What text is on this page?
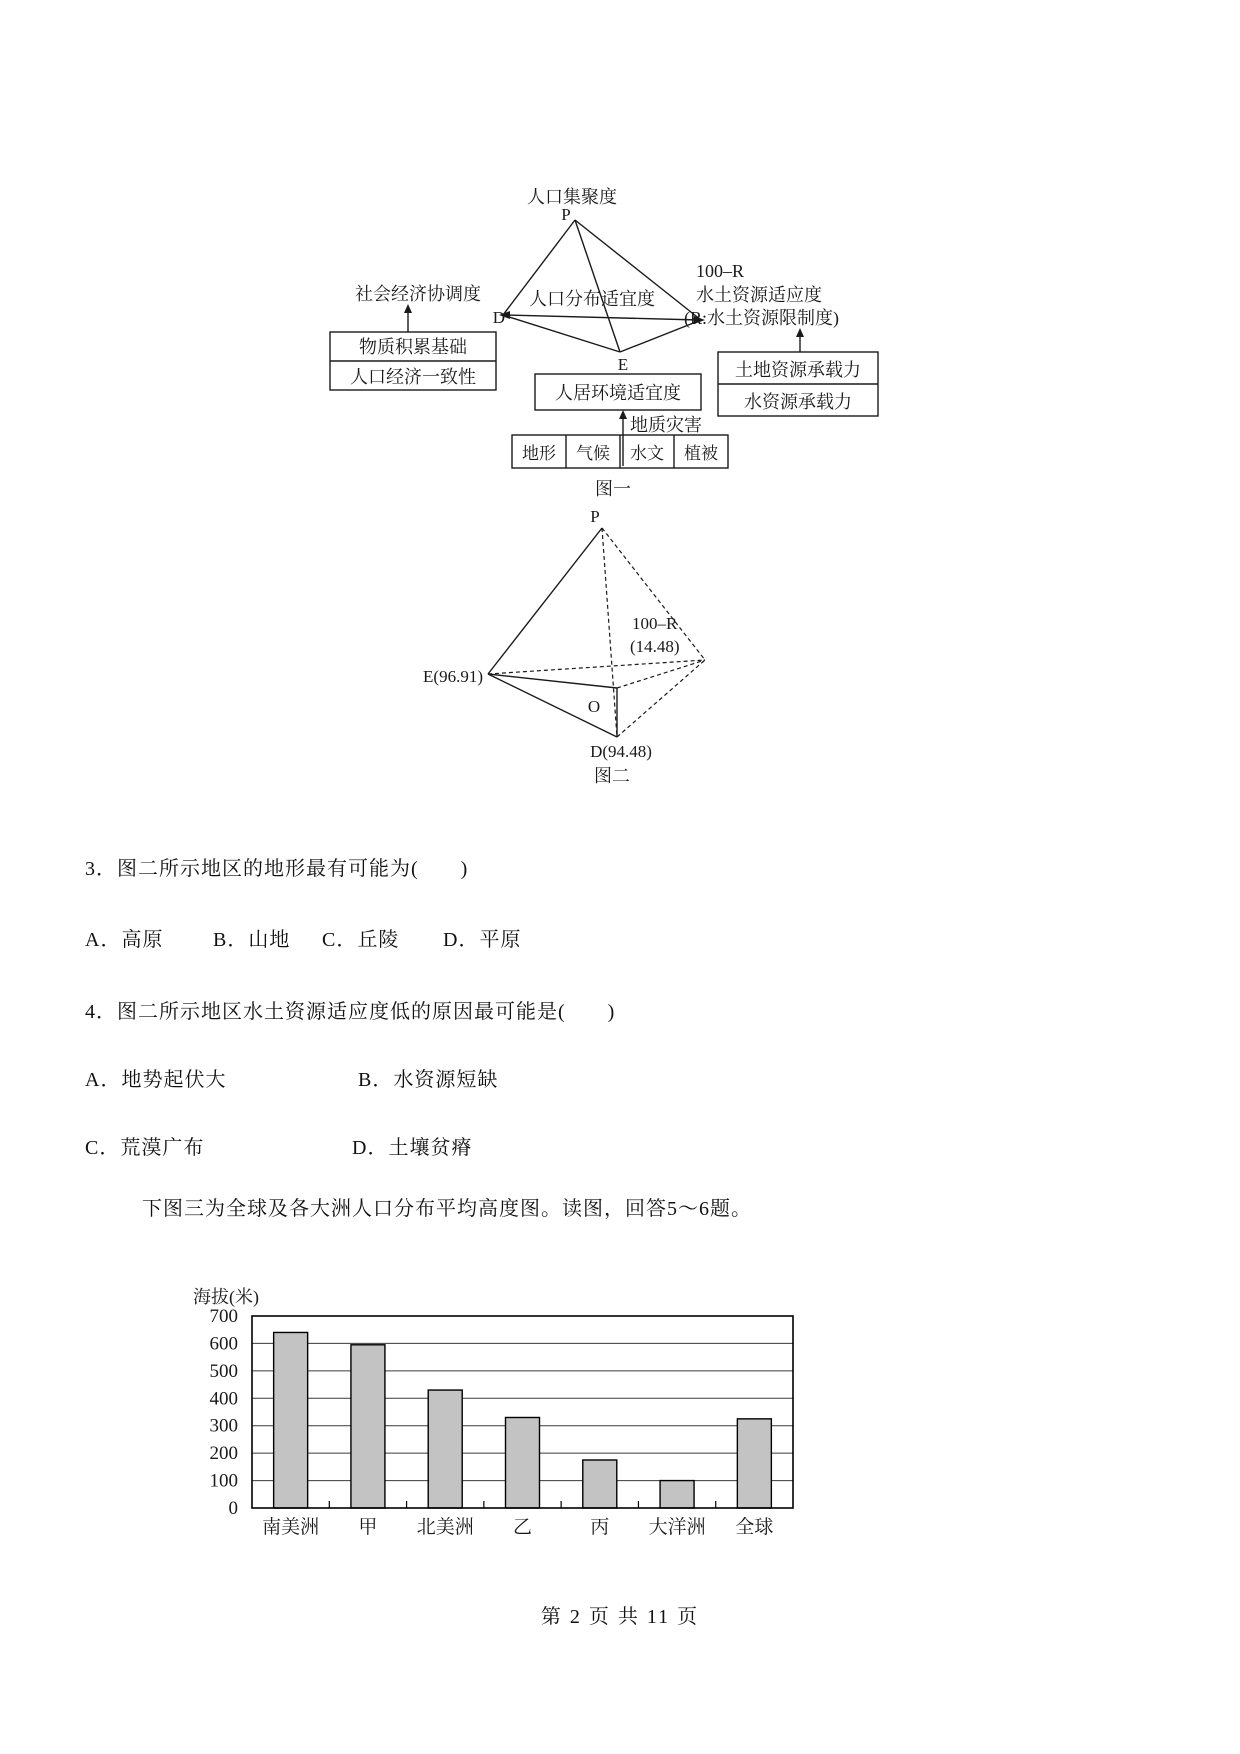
人口集聚度
P
社会经济协调度
D
人口分布适宜度
E
100–R
水土资源适应度
(R:水土资源限制度)
物质积累基础
人口经济一致性	土地资源承载力
水资源承载力
人居环境适宜度
地质灾害
地形 气候 水文 植被
图一
P
E(96.91)
100–R
(14.48)
O
D(94.48)
图二
3．图二所示地区的地形最有可能为(　　)
A．高原 B．山地 C．丘陵 D．平原
4．图二所示地区水土资源适应度低的原因最可能是(　　)
A．地势起伏大	B．水资源短缺
C．荒漠广布	D．土壤贫瘠
下图三为全球及各大洲人口分布平均高度图。读图，回答5～6题。
0
100
200
300
400
500
600
700
南美洲 甲 北美洲 乙	丙 大洋洲 全球
海拔(米)
第 2 页 共 11 页
